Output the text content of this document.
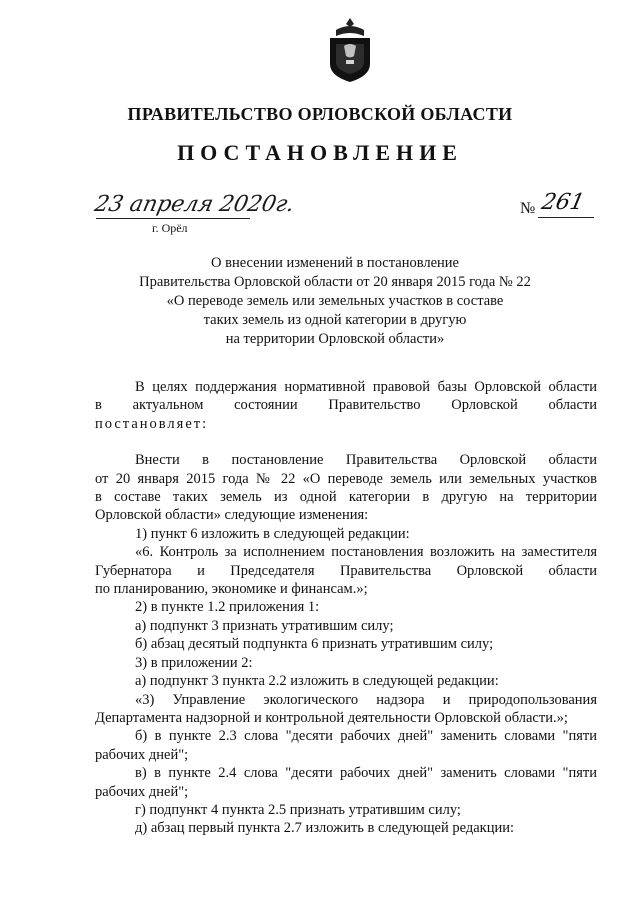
ПРАВИТЕЛЬСТВО ОРЛОВСКОЙ ОБЛАСТИ
ПОСТАНОВЛЕНИЕ
23 апреля 2020г.	№ 261
г. Орёл
О внесении изменений в постановление
Правительства Орловской области от 20 января 2015 года № 22
«О переводе земель или земельных участков в составе
таких земель из одной категории в другую
на территории Орловской области»

В целях поддержания нормативной правовой базы Орловской области

в актуальном состоянии Правительство Орловской области

постановляет:

Внести в постановление Правительства Орловской области

от 20 января 2015 года № 22 «О переводе земель или земельных участков

в составе таких земель из одной категории в другую на территории

Орловской области» следующие изменения:

1) пункт 6 изложить в следующей редакции:

«6. Контроль за исполнением постановления возложить на заместителя

Губернатора и Председателя Правительства Орловской области

по планированию, экономике и финансам.»;

2) в пункте 1.2 приложения 1:

а) подпункт 3 признать утратившим силу;

б) абзац десятый подпункта 6 признать утратившим силу;

3) в приложении 2:

а) подпункт 3 пункта 2.2 изложить в следующей редакции:

«3) Управление экологического надзора и природопользования

Департамента надзорной и контрольной деятельности Орловской области.»;

б) в пункте 2.3 слова "десяти рабочих дней" заменить словами "пяти

рабочих дней";

в) в пункте 2.4 слова "десяти рабочих дней" заменить словами "пяти

рабочих дней";

г) подпункт 4 пункта 2.5 признать утратившим силу;

д) абзац первый пункта 2.7 изложить в следующей редакции:
